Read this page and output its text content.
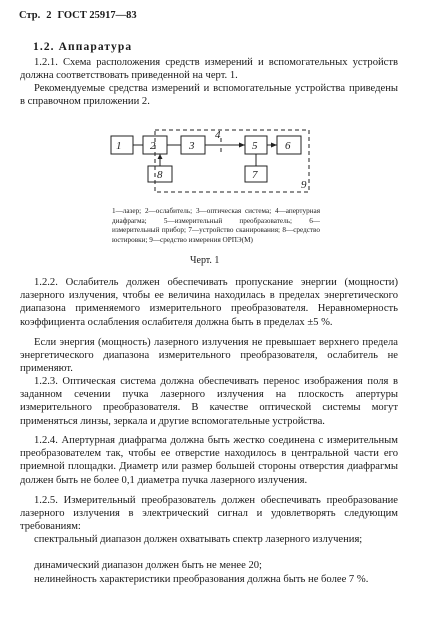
Стр. 2 ГОСТ 25917—83
1.2. Аппаратура
1.2.1. Схема расположения средств измерений и вспомогательных устройств должна соответствовать приведенной на черт. 1.
Рекомендуемые средства измерений и вспомогательные устройства приведены в справочном приложении 2.
1	2	3
4
5	6
7
8
9
1—лазер; 2—ослабитель; 3—оптическая система; 4—апертурная диафрагма; 5—измерительный преобразователь; 6—измерительный прибор; 7—устройство сканирования; 8—средство юстировки; 9—средство измерения ОРПЭ(М)
Черт. 1
1.2.2. Ослабитель должен обеспечивать пропускание энергии (мощности) лазерного излучения, чтобы ее величина находилась в пределах энергетического диапазона применяемого измерительного преобразователя. Неравномерность коэффициента ослабления ослабителя должна быть в пределах ±5 %.
Если энергия (мощность) лазерного излучения не превышает верхнего предела энергетического диапазона измерительного преобразователя, ослабитель не применяют.
1.2.3. Оптическая система должна обеспечивать перенос изображения поля в заданном сечении пучка лазерного излучения на плоскость апертуры измерительного преобразователя. В качестве оптической системы могут применяться линзы, зеркала и другие вспомогательные устройства.
1.2.4. Апертурная диафрагма должна быть жестко соединена с измерительным преобразователем так, чтобы ее отверстие находилось в центральной части его приемной площадки. Диаметр или размер большей стороны отверстия диафрагмы должен быть не более 0,1 диаметра пучка лазерного излучения.
1.2.5. Измерительный преобразователь должен обеспечивать преобразование лазерного излучения в электрический сигнал и удовлетворять следующим требованиям:
спектральный диапазон должен охватывать спектр лазерного излучения;
динамический диапазон должен быть не менее 20;
нелинейность характеристики преобразования должна быть не более 7 %.
